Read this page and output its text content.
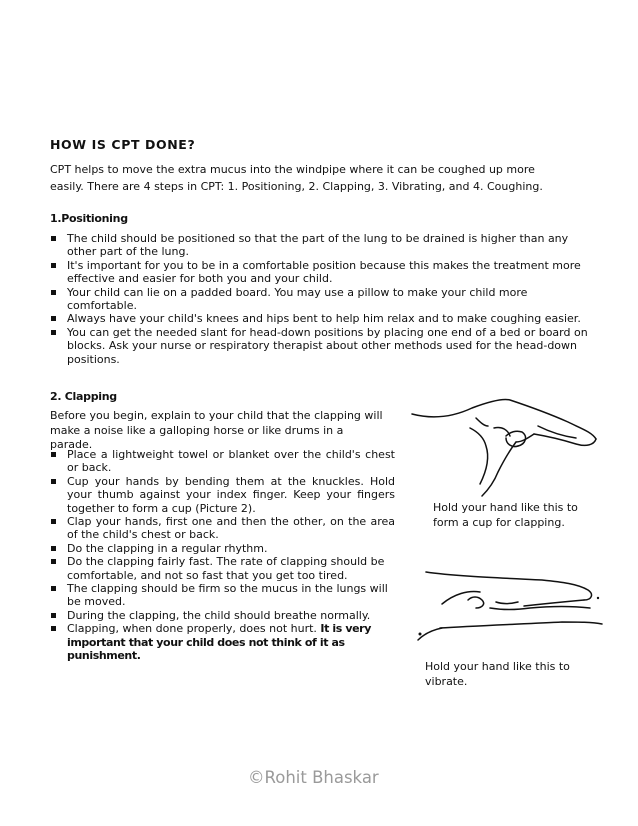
HOW IS CPT DONE?

CPT helps to move the extra mucus into the windpipe where it can be coughed up more easily. There are 4 steps in CPT: 1. Positioning, 2. Clapping, 3. Vibrating, and 4. Coughing.

1.Positioning
The child should be positioned so that the part of the lung to be drained is higher than any other part of the lung.
It's important for you to be in a comfortable position because this makes the treatment more effective and easier for both you and your child.
Your child can lie on a padded board. You may use a pillow to make your child more comfortable.
Always have your child's knees and hips bent to help him relax and to make coughing easier.
You can get the needed slant for head-down positions by placing one end of a bed or board on blocks. Ask your nurse or respiratory therapist about other methods used for the head-down positions.
2. Clapping

Before you begin, explain to your child that the clapping will make a noise like a galloping horse or like drums in a parade.

Place a lightweight towel or blanket over the child's chest or back.
Cup your hands by bending them at the knuckles. Hold your thumb against your index finger. Keep your fingers together to form a cup (Picture 2).
Clap your hands, first one and then the other, on the area of the child's chest or back.
Do the clapping in a regular rhythm.
Do the clapping fairly fast. The rate of clapping should be comfortable, and not so fast that you get too tired.
The clapping should be firm so the mucus in the lungs will be moved.
During the clapping, the child should breathe normally.
Clapping, when done properly, does not hurt. It is very important that your child does not think of it as punishment.

Hold your hand like this to form a cup for clapping.

Hold your hand like this to vibrate.

©Rohit Bhaskar
